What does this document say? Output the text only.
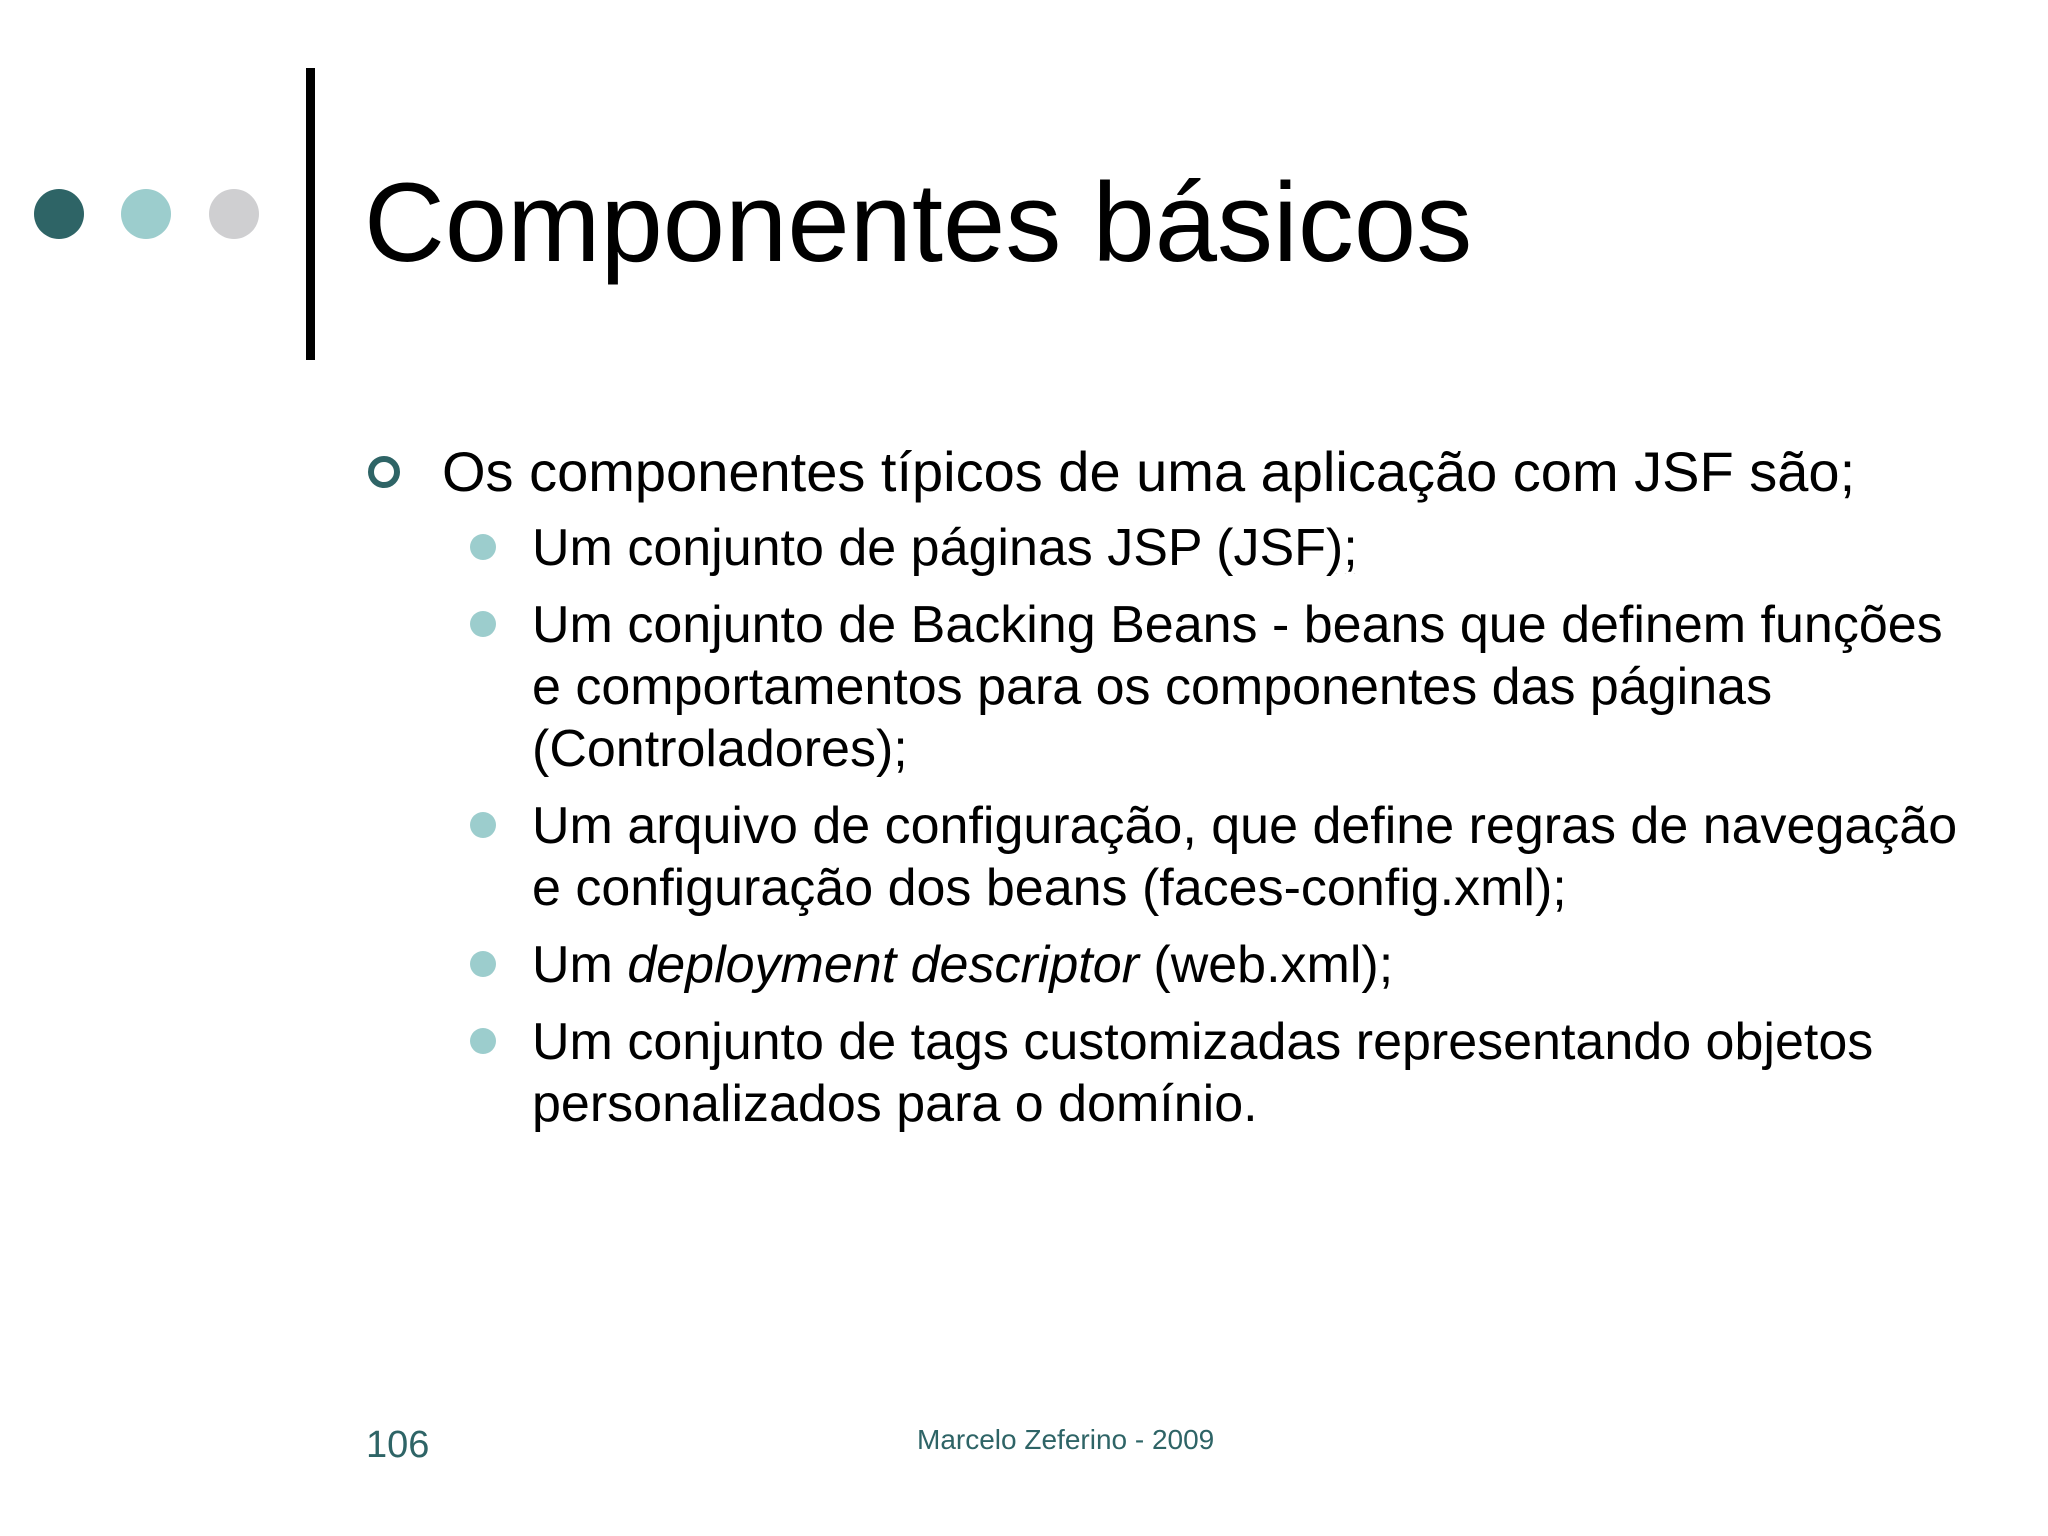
Componentes básicos
Os componentes típicos de uma aplicação com JSF são;
Um conjunto de páginas JSP (JSF);
Um conjunto de Backing Beans - beans que definem funções e comportamentos para os componentes das páginas (Controladores);
Um arquivo de configuração, que define regras de navegação e configuração dos beans (faces-config.xml);
Um deployment descriptor (web.xml);
Um conjunto de tags customizadas representando objetos personalizados para o domínio.
106	Marcelo Zeferino - 2009
